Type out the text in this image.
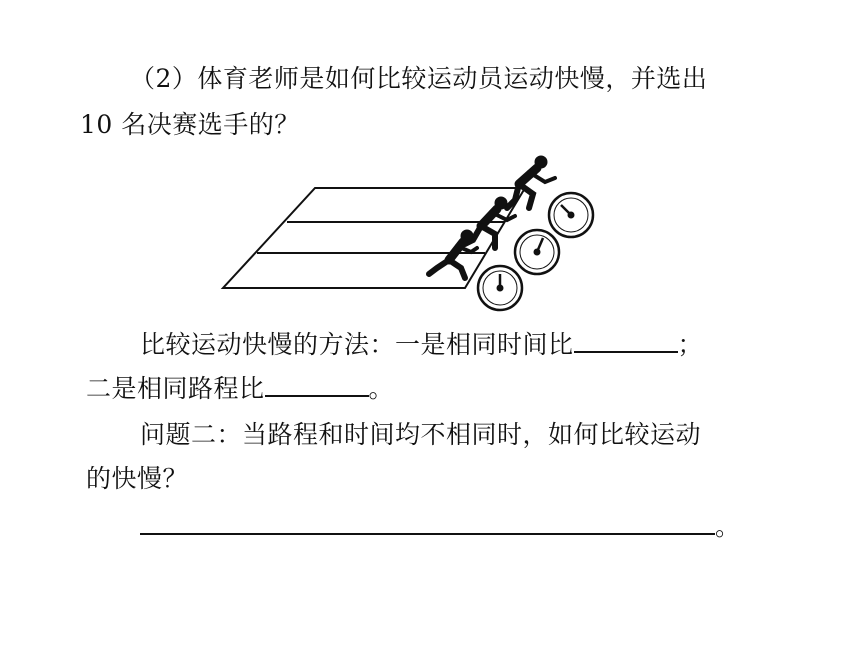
（2）体育老师是如何比较运动员运动快慢，并选出
10 名决赛选手的？
比较运动快慢的方法：一是相同时间比	；
二是相同路程比	。
问题二：当路程和时间均不相同时，如何比较运动
的快慢？
。
